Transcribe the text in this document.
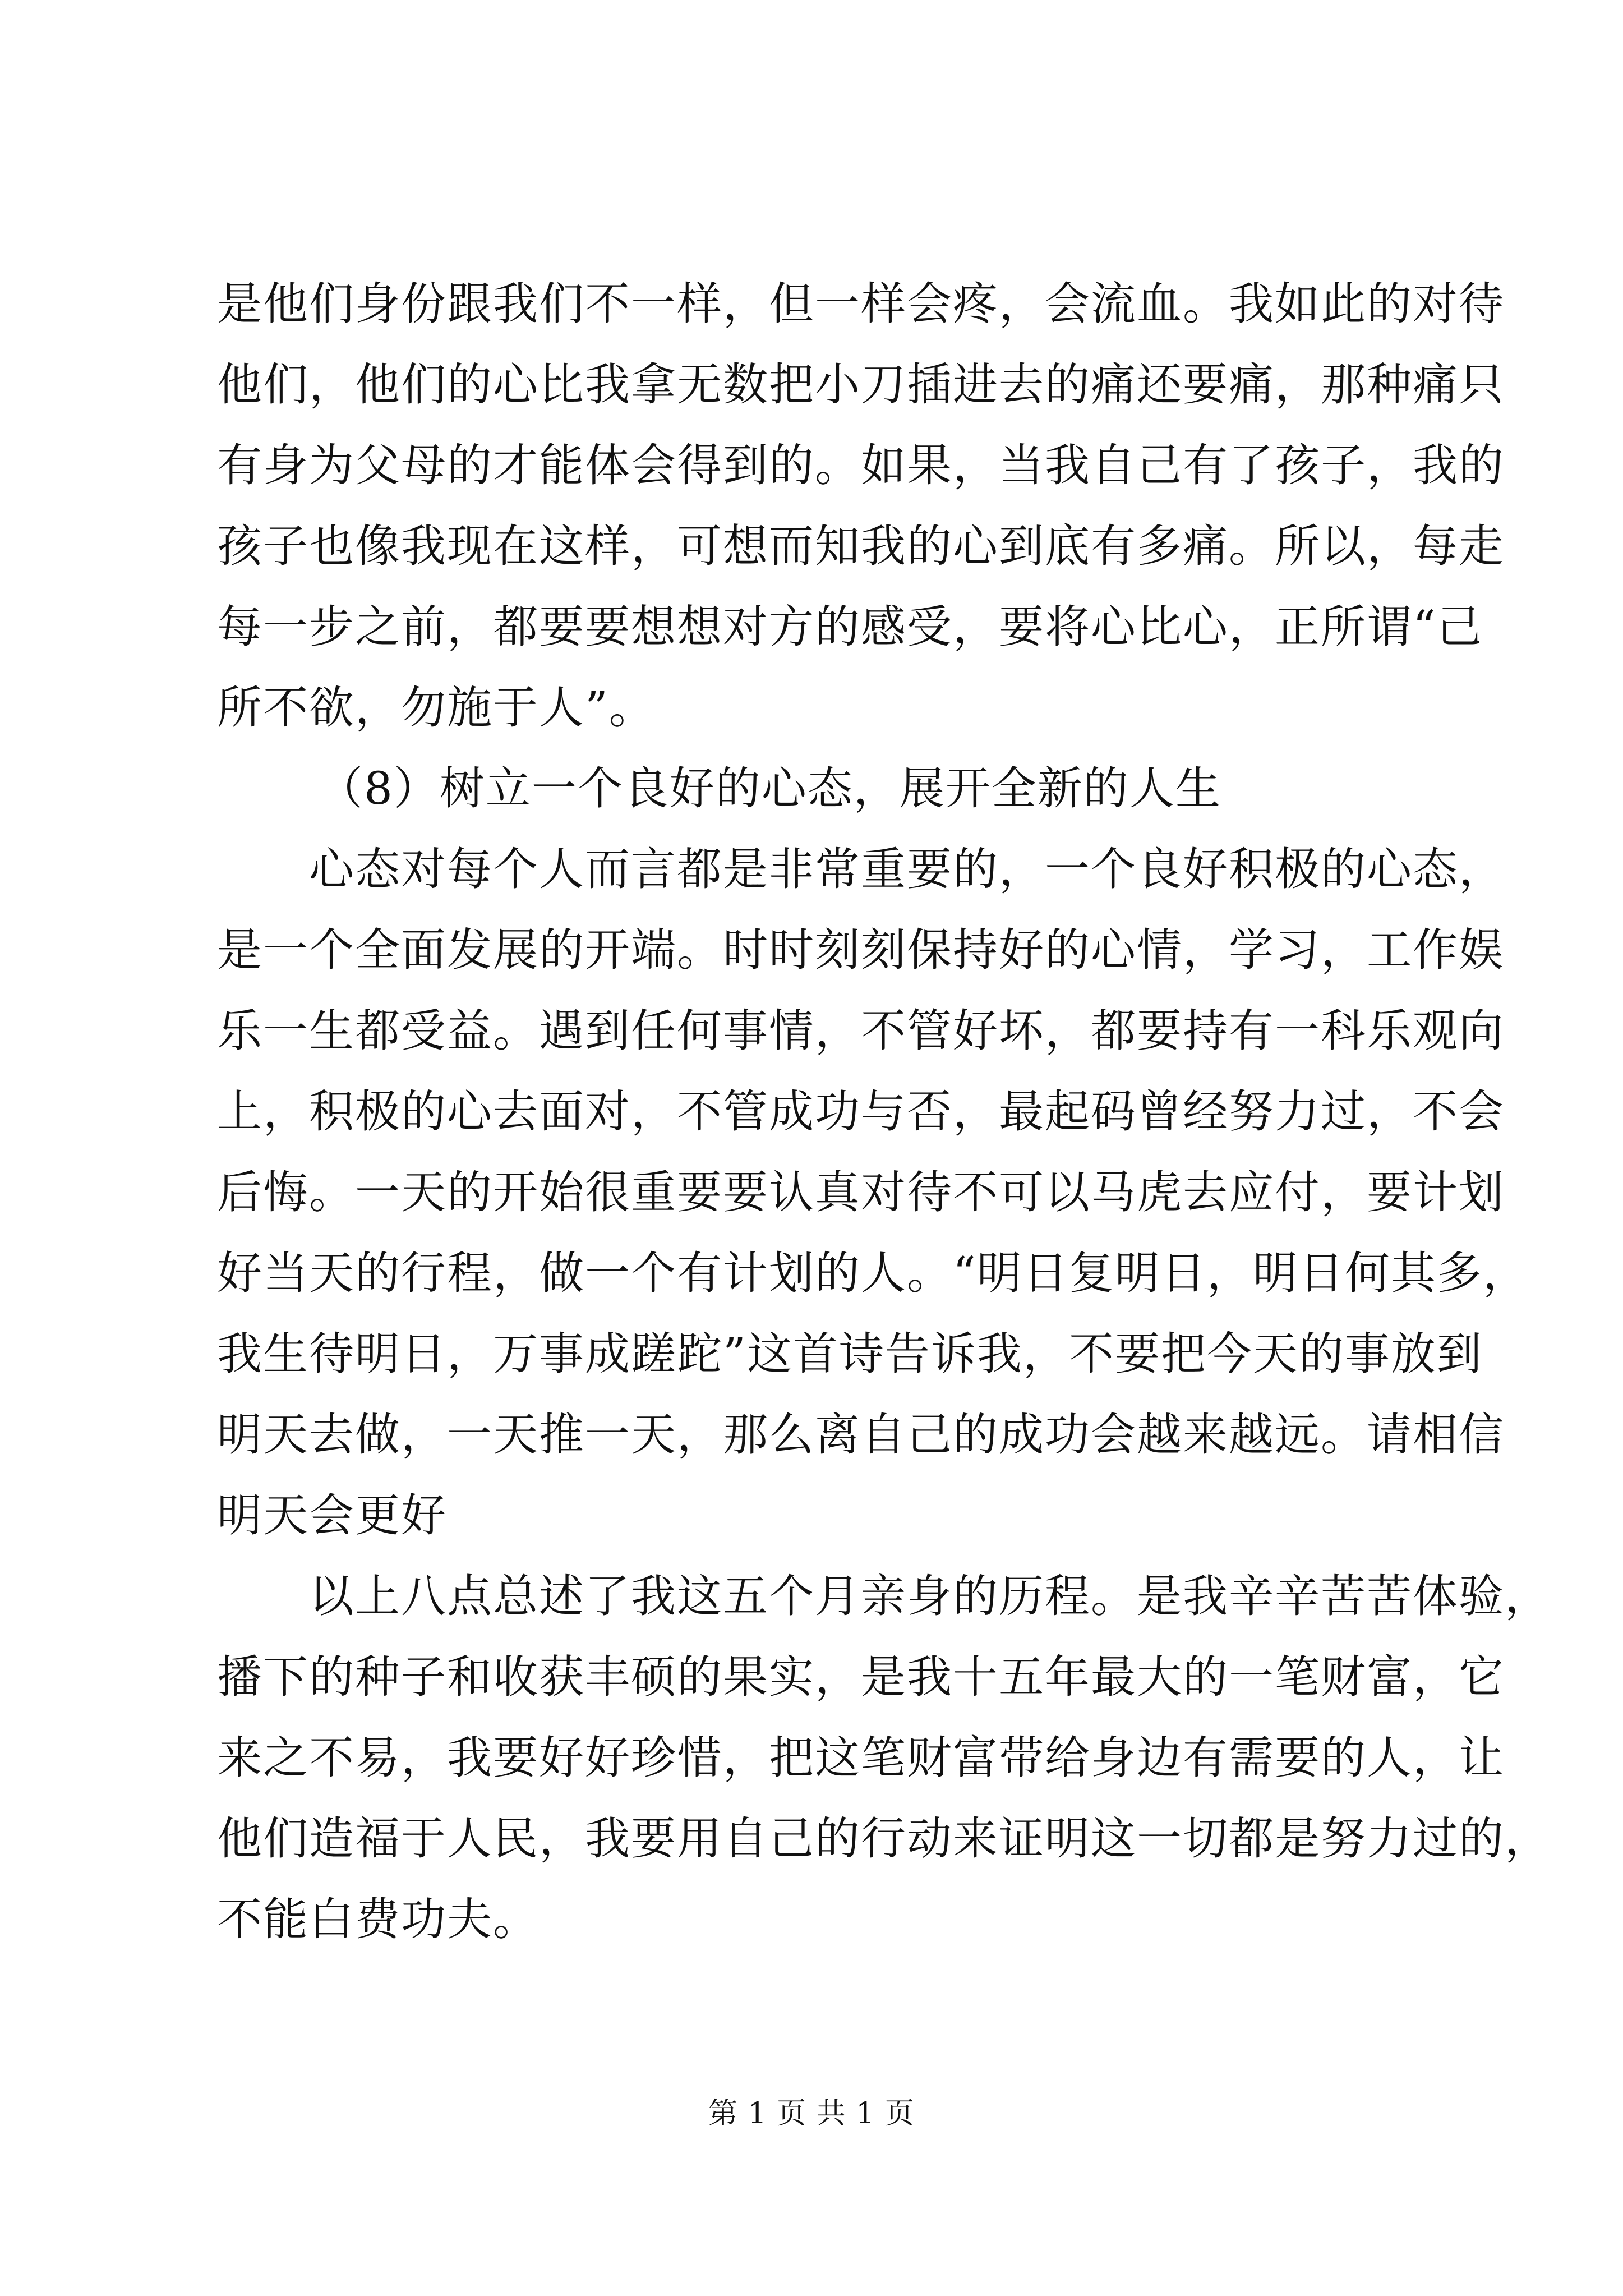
是他们身份跟我们不一样，但一样会疼，会流血。我如此的对待
他们，他们的心比我拿无数把小刀插进去的痛还要痛，那种痛只
有身为父母的才能体会得到的。如果，当我自己有了孩子，我的
孩子也像我现在这样，可想而知我的心到底有多痛。所以，每走
每一步之前，都要要想想对方的感受，要将心比心，正所谓“己
所不欲，勿施于人”。
（8）树立一个良好的心态，展开全新的人生
心态对每个人而言都是非常重要的，一个良好积极的心态，
是一个全面发展的开端。时时刻刻保持好的心情，学习，工作娱
乐一生都受益。遇到任何事情，不管好坏，都要持有一科乐观向
上，积极的心去面对，不管成功与否，最起码曾经努力过，不会
后悔。一天的开始很重要要认真对待不可以马虎去应付，要计划
好当天的行程，做一个有计划的人。“明日复明日，明日何其多，
我生待明日，万事成蹉跎”这首诗告诉我，不要把今天的事放到
明天去做，一天推一天，那么离自己的成功会越来越远。请相信
明天会更好
以上八点总述了我这五个月亲身的历程。是我辛辛苦苦体验，
播下的种子和收获丰硕的果实，是我十五年最大的一笔财富，它
来之不易，我要好好珍惜，把这笔财富带给身边有需要的人，让
他们造福于人民，我要用自己的行动来证明这一切都是努力过的，
不能白费功夫。
第 1 页 共 1 页
